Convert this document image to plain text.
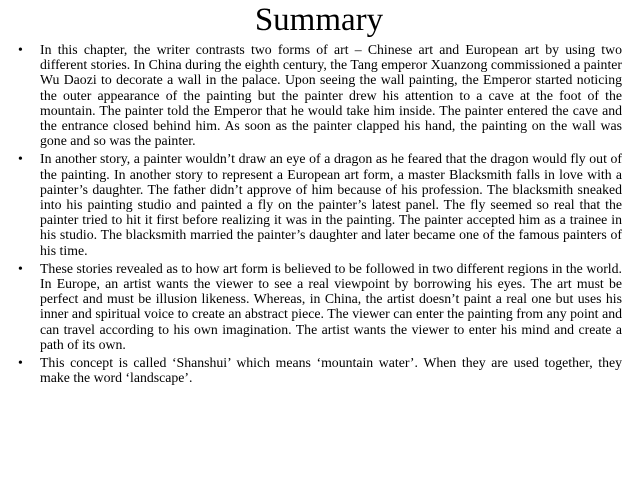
Summary
•	In this chapter, the writer contrasts two forms of art – Chinese art and European art by using two different stories. In China during the eighth century, the Tang emperor Xuanzong commissioned a painter Wu Daozi to decorate a wall in the palace. Upon seeing the wall painting, the Emperor started noticing the outer appearance of the painting but the painter drew his attention to a cave at the foot of the mountain. The painter told the Emperor that he would take him inside. The painter entered the cave and the entrance closed behind him. As soon as the painter clapped his hand, the painting on the wall was gone and so was the painter.
•	In another story, a painter wouldn’t draw an eye of a dragon as he feared that the dragon would fly out of the painting. In another story to represent a European art form, a master Blacksmith falls in love with a painter’s daughter. The father didn’t approve of him because of his profession. The blacksmith sneaked into his painting studio and painted a fly on the painter’s latest panel. The fly seemed so real that the painter tried to hit it first before realizing it was in the painting. The painter accepted him as a trainee in his studio. The blacksmith married the painter’s daughter and later became one of the famous painters of his time.
•	These stories revealed as to how art form is believed to be followed in two different regions in the world. In Europe, an artist wants the viewer to see a real viewpoint by borrowing his eyes. The art must be perfect and must be illusion likeness. Whereas, in China, the artist doesn’t paint a real one but uses his inner and spiritual voice to create an abstract piece. The viewer can enter the painting from any point and can travel according to his own imagination. The artist wants the viewer to enter his mind and create a path of its own.
•	This concept is called ‘Shanshui’ which means ‘mountain water’. When they are used together, they make the word ‘landscape’.
